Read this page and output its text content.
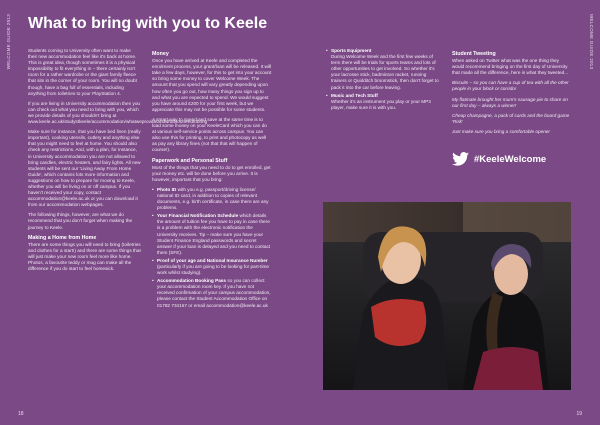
WELCOME GUIDE 2013	WELCOME GUIDE 2013
What to bring with you to Keele

Students coming to University often want to make their new accommodation feel like it's back at home. This is great idea, though sometimes it is a physical impossibility to fit everything in – there certainly isn't room for a rather wardrobe or the giant family fleece that sits in the corner of your room. You will no doubt though, have a bag full of essentials, including anything from toiletries to your PlayStation 4.

If you are living in University accommodation then you can check out what you need to bring with you, which we provide details of you shouldn't bring at www.keele.ac.uk/studystkeele/accommodation/whatweprovideandwhatyouneedtobring

Make sure for instance, that you have bed linen (really important), cooking utensils, cutlery and anything else that you might need to feel at home. You should also check any restrictions. And, with a plan, for instance, in University accommodation you are not allowed to bring candles, electric heaters, and fairy lights. All new students will be sent our 'Living Away From Home Guide', which contains lots more information and suggestions on how to prepare for moving to Keele, whether you will be living on or off campus. If you haven't received your copy, contact accommodation@keele.ac.uk or you can download it from our accommodation webpages.

The following things, however, are what we do recommend that you don't forget when making the journey to Keele.

Making a Home from Home

There are some things you will need to bring (toiletries and clothes for a start!) and there are some things that will just make your new room feel more like home. Photos, a favourite teddy or mug can make all the difference if you do start to feel homesick.

Money

Once you have arrived at Keele and completed the enrolment process, your grant/loan will be released. It will take a few days, however, for this to get into your account so bring some money to cover Welcome Week. The amount that you spend will vary greatly depending upon how often you go out, how many things you sign up to and what you are expected to spend. We would suggest you have around £200 for your first week, but we appreciate this may not be possible for some students.

A smart way to spend and save at the same time is to load some money on your KeeleCard which you can do at various self-service points across campus. You can also use this for printing, to print and photocopy as well as pay any library fines (not that that will happen of course!).

Paperwork and Personal Stuff

Most of the things that you need to do to get enrolled, get your money etc. will be done before you arrive. It is however, important that you bring:

• Photo ID with you e.g. passport/driving license/ national ID card, in addition to copies of relevant documents, e.g. birth certificate, in case there are any problems.
• Your Financial Notification Schedule which details the amount of tuition fee you have to pay in case there is a problem with the electronic notification the University receives. Tip – make sure you have your Student Finance England passwords and secret answer if your loan is delayed and you need to contact them (SFE).
• Proof of your age and National Insurance Number (particularly if you are going to be looking for part-time work whilst studying).
• Accommodation Booking Pass so you can collect your accommodation room key. If you have not received confirmation of your campus accommodation, please contact the Student Accommodation Office on 01782 734167 or email accommodation@keele.ac.uk
• Sports Equipment
During Welcome Week and the first few weeks of term there will be trials for sports teams and lots of other opportunities to get involved. So whether it's your lacrosse stick, badminton racket, running trainers or Quidditch broomstick, then don't forget to pack it into the car before leaving.
• Music and Tech Stuff
Whether it's an instrument you play or your MP3 player, make sure it is with you.
Student Tweeting

When asked on Twitter what was the one thing they would recommend bringing on the first day of University that made all the difference, here is what they tweeted...

Biscuits – so you can have a cup of tea with all the other people in your block or corridor

My flatmate brought her mum's sausage pie to share on our first day – always a winner!

Cheap champagne, a pack of cards and the board game 'Risk'

Just make sure you bring a comfortable opener

#KeeleWelcome
18	19
